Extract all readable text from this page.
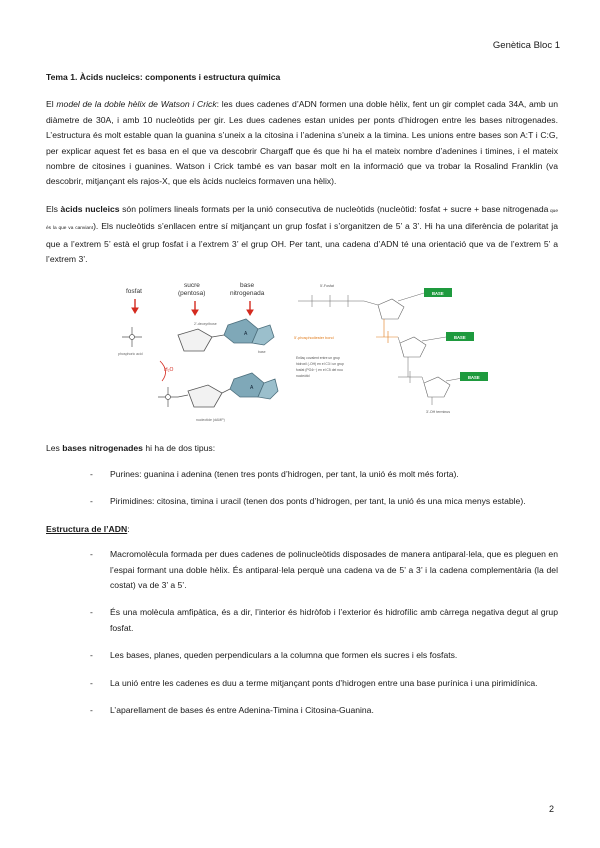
Genètica Bloc 1
Tema 1. Àcids nucleics: components i estructura química

El model de la doble hèlix de Watson i Crick: les dues cadenes d’ADN formen una doble hèlix, fent un gir complet cada 34A, amb un diàmetre de 30A, i amb 10 nucleòtids per gir. Les dues cadenes estan unides per ponts d’hidrogen entre les bases nitrogenades. L’estructura és molt estable quan la guanina s’uneix a la citosina i l’adenina s’uneix a la timina. Les unions entre bases son A:T i C:G, per explicar aquest fet es basa en el que va descobrir Chargaff que és que hi ha el mateix nombre d’adenines i timines, i el mateix nombre de citosines i guanines. Watson i Crick també es van basar molt en la informació que va trobar la Rosalind Franklin (va descobrir, mitjançant els rajos-X, que els àcids nucleics formaven una hèlix).

Els àcids nucleics són polímers lineals formats per la unió consecutiva de nucleòtids (nucleòtid: fosfat + sucre + base nitrogenada que és la que va canviant). Els nucleòtids s’enllacen entre sí mitjançant un grup fosfat i s’organitzen de 5’ a 3’. Hi ha una diferència de polaritat ja que a l’extrem 5’ està el grup fosfat i a l’extrem 3’ el grup OH. Per tant, una cadena d’ADN té una orientació que va de l’extrem 5’ a l’extrem 3’.

fosfat
sucre
(pentosa)
base
nitrogenada
2'-deoxyribose
phosphoric acid
A
base
H₂O
A
nucleotide (dAMP)
5'-Fosfat
BASE
5'-phosphodiester bond	BASE
Enllaç covalent entre un grup
hidroxil (-OH) en el C3 i un grup
fosfat (PO4³⁻) en el C5 del nou
nucleòtid	BASE
3'-OH terminus
Les bases nitrogenades hi ha de dos tipus:
- Purines: guanina i adenina (tenen tres ponts d’hidrogen, per tant, la unió és molt més forta).
- Pirimidines: citosina, timina i uracil (tenen dos ponts d’hidrogen, per tant, la unió és una mica menys estable).
Estructura de l’ADN:
- Macromolècula formada per dues cadenes de polinucleòtids disposades de manera antiparal·lela, que es pleguen en l’espai formant una doble hèlix. És antiparal·lela perquè una cadena va de 5’ a 3’ i la cadena complementària (la del costat) va de 3’ a 5’.
- És una molècula amfipàtica, és a dir, l’interior és hidròfob i l’exterior és hidrofílic amb càrrega negativa degut al grup fosfat.
- Les bases, planes, queden perpendiculars a la columna que formen els sucres i els fosfats.
- La unió entre les cadenes es duu a terme mitjançant ponts d’hidrogen entre una base purínica i una pirimidínica.
- L’aparellament de bases és entre Adenina-Timina i Citosina-Guanina.
2
